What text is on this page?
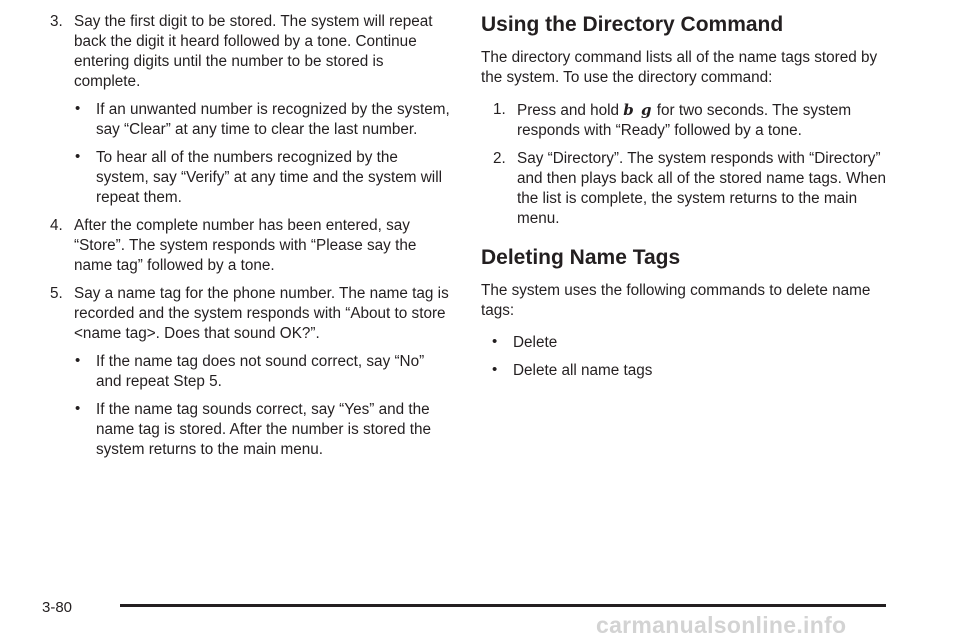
3. Say the first digit to be stored. The system will repeat back the digit it heard followed by a tone. Continue entering digits until the number to be stored is complete.

• If an unwanted number is recognized by the system, say “Clear” at any time to clear the last number.
• To hear all of the numbers recognized by the system, say “Verify” at any time and the system will repeat them.

4. After the complete number has been entered, say “Store”. The system responds with “Please say the name tag” followed by a tone.

5. Say a name tag for the phone number. The name tag is recorded and the system responds with “About to store <name tag>. Does that sound OK?”.

• If the name tag does not sound correct, say “No” and repeat Step 5.
• If the name tag sounds correct, say “Yes” and the name tag is stored. After the number is stored the system returns to the main menu.
Using the Directory Command

The directory command lists all of the name tags stored by the system. To use the directory command:

1. Press and hold b g for two seconds. The system responds with “Ready” followed by a tone.

2. Say “Directory”. The system responds with “Directory” and then plays back all of the stored name tags. When the list is complete, the system returns to the main menu.

Deleting Name Tags

The system uses the following commands to delete name tags:

• Delete
• Delete all name tags
3-80
carmanualsonline.info
